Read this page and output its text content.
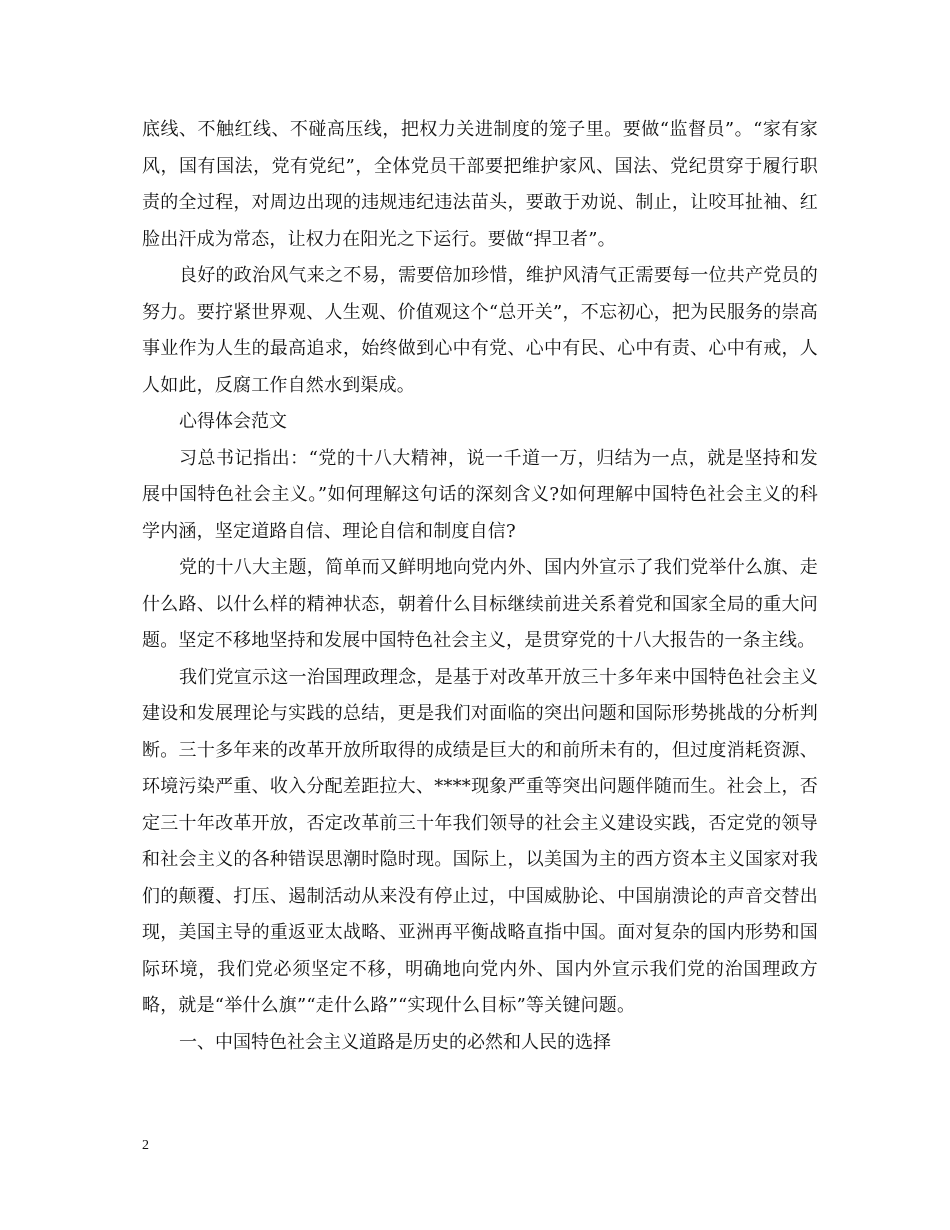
底线、不触红线、不碰高压线，把权力关进制度的笼子里。要做“监督员”。“家有家风，国有国法，党有党纪”，全体党员干部要把维护家风、国法、党纪贯穿于履行职责的全过程，对周边出现的违规违纪违法苗头，要敢于劝说、制止，让咬耳扯袖、红脸出汗成为常态，让权力在阳光之下运行。要做“捍卫者”。

良好的政治风气来之不易，需要倍加珍惜，维护风清气正需要每一位共产党员的努力。要拧紧世界观、人生观、价值观这个“总开关”，不忘初心，把为民服务的崇高事业作为人生的最高追求，始终做到心中有党、心中有民、心中有责、心中有戒，人人如此，反腐工作自然水到渠成。

心得体会范文

习总书记指出：“党的十八大精神，说一千道一万，归结为一点，就是坚持和发展中国特色社会主义。”如何理解这句话的深刻含义?如何理解中国特色社会主义的科学内涵，坚定道路自信、理论自信和制度自信?

党的十八大主题，简单而又鲜明地向党内外、国内外宣示了我们党举什么旗、走什么路、以什么样的精神状态，朝着什么目标继续前进关系着党和国家全局的重大问题。坚定不移地坚持和发展中国特色社会主义，是贯穿党的十八大报告的一条主线。

我们党宣示这一治国理政理念，是基于对改革开放三十多年来中国特色社会主义建设和发展理论与实践的总结，更是我们对面临的突出问题和国际形势挑战的分析判断。三十多年来的改革开放所取得的成绩是巨大的和前所未有的，但过度消耗资源、环境污染严重、收入分配差距拉大、****现象严重等突出问题伴随而生。社会上，否定三十年改革开放，否定改革前三十年我们领导的社会主义建设实践，否定党的领导和社会主义的各种错误思潮时隐时现。国际上，以美国为主的西方资本主义国家对我们的颠覆、打压、遏制活动从来没有停止过，中国威胁论、中国崩溃论的声音交替出现，美国主导的重返亚太战略、亚洲再平衡战略直指中国。面对复杂的国内形势和国际环境，我们党必须坚定不移，明确地向党内外、国内外宣示我们党的治国理政方略，就是“举什么旗”“走什么路”“实现什么目标”等关键问题。

一、中国特色社会主义道路是历史的必然和人民的选择

2
